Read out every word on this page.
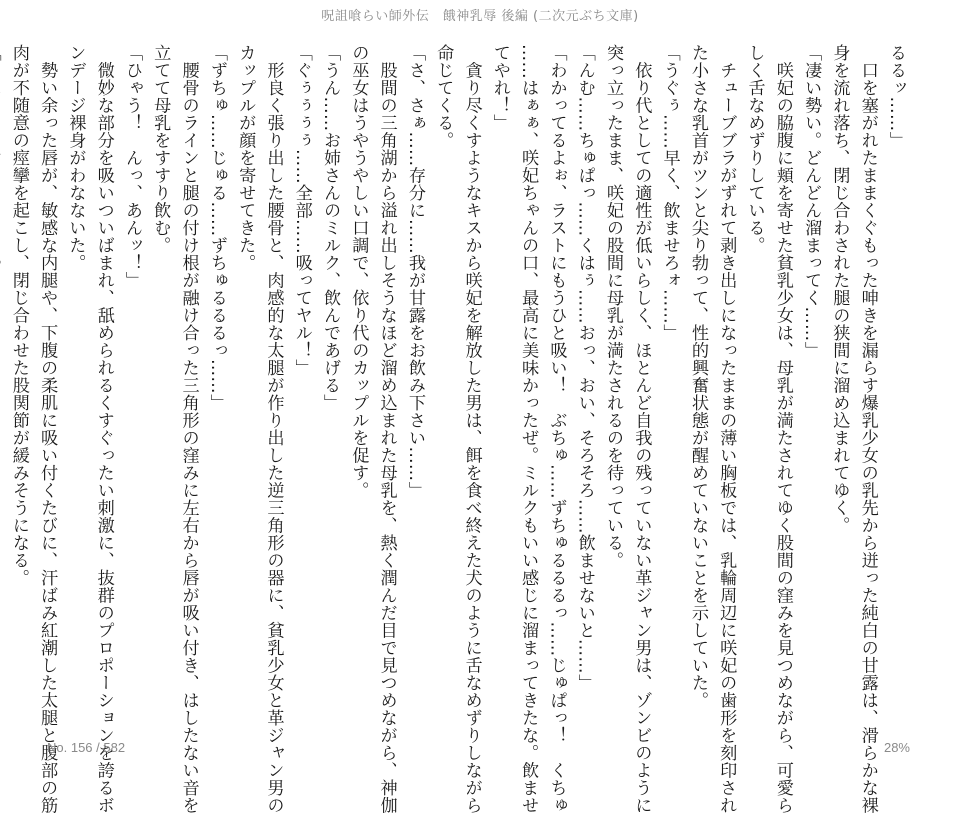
呪詛喰らい師外伝　餓神乳辱 後編 (二次元ぶち文庫)

るるッ……」

　口を塞がれたままくぐもった呻きを漏らす爆乳少女の乳先から迸った純白の甘露は、滑らかな裸

身を流れ落ち、閉じ合わされた腿の狭間に溜め込まれてゆく。

「凄い勢い。どんどん溜まってく……」

　咲妃の脇腹に頬を寄せた貧乳少女は、母乳が満たされてゆく股間の窪みを見つめながら、可愛ら

しく舌なめずりしている。

　チューブブラがずれて剥き出しになったままの薄い胸板では、乳輪周辺に咲妃の歯形を刻印され

た小さな乳首がツンと尖り勃って、性的興奮状態が醒めていないことを示していた。

「うぐぅ……早く、飲ませろォ……」

　依り代としての適性が低いらしく、ほとんど自我の残っていない革ジャン男は、ゾンビのように

突っ立ったまま、咲妃の股間に母乳が満たされるのを待っている。

「んむ……ちゅぱっ……くはぅ……おっ、おい、そろそろ……飲ませないと……」

「わかってるよぉ、ラストにもうひと吸い！　ぶちゅ……ずちゅるるるっ……じゅぱっ！　くちゅ

……はぁぁ、咲妃ちゃんの口、最高に美味かったぜ。ミルクもいい感じに溜まってきたな。飲ませ

てやれ！」

　貪り尽くすようなキスから咲妃を解放した男は、餌を食べ終えた犬のように舌なめずりしながら

命じてくる。

「さ、さぁ……存分に……我が甘露をお飲み下さい……」

　股間の三角湖から溢れ出しそうなほど溜め込まれた母乳を、熱く潤んだ目で見つめながら、神伽

の巫女はうやうやしい口調で、依り代のカップルを促す。

「うん……お姉さんのミルク、飲んであげる」

「ぐぅぅぅぅ……全部……吸ってヤル！」

　形良く張り出した腰骨と、肉感的な太腿が作り出した逆三角形の器に、貧乳少女と革ジャン男の

カップルが顔を寄せてきた。

「ずちゅ……じゅる……ずちゅるるるっ……」

　腰骨のラインと腿の付け根が融け合った三角形の窪みに左右から唇が吸い付き、はしたない音を

立てて母乳をすすり飲む。

「ひゃう！　んっ、あんッ！」

　微妙な部分を吸いついばまれ、舐められるくすぐったい刺激に、抜群のプロポーションを誇るボ

ンデージ裸身がわなないた。

　勢い余った唇が、敏感な内腿や、下腹の柔肌に吸い付くたびに、汗ばみ紅潮した太腿と腹部の筋

肉が不随意の痙攣を起こし、閉じ合わせた股関節が緩みそうになる。

No. 156 / 582	28%
